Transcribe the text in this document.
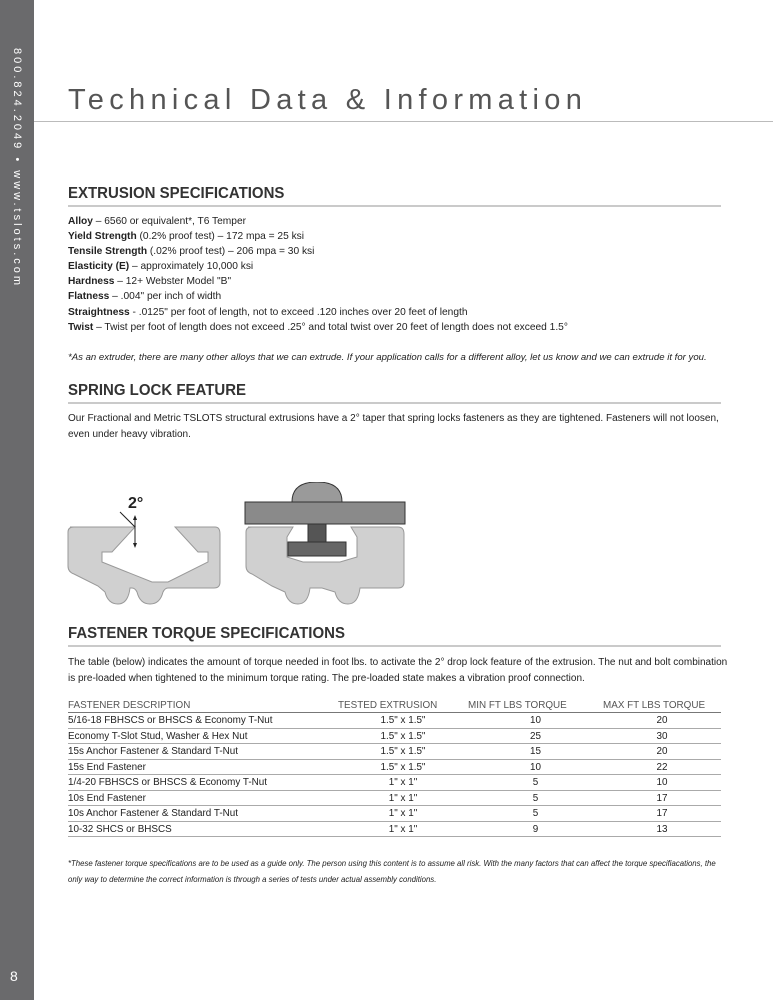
800.824.2049 • www.tslots.com
8
Technical Data & Information
EXTRUSION SPECIFICATIONS
Alloy – 6560 or equivalent*, T6 Temper
Yield Strength (0.2% proof test) – 172 mpa = 25 ksi
Tensile Strength (.02% proof test) – 206 mpa = 30 ksi
Elasticity (E) – approximately 10,000 ksi
Hardness – 12+ Webster Model "B"
Flatness – .004" per inch of width
Straightness - .0125" per foot of length, not to exceed .120 inches over 20 feet of length
Twist – Twist per foot of length does not exceed .25° and total twist over 20 feet of length does not exceed 1.5°
*As an extruder, there are many other alloys that we can extrude. If your application calls for a different alloy, let us know and we can extrude it for you.
SPRING LOCK FEATURE
Our Fractional and Metric TSLOTS structural extrusions have a 2° taper that spring locks fasteners as they are tightened. Fasteners will not loosen, even under heavy vibration.
2°
FASTENER TORQUE SPECIFICATIONS
The table (below) indicates the amount of torque needed in foot lbs. to activate the 2° drop lock feature of the extrusion. The nut and bolt combination is pre-loaded when tightened to the minimum torque rating. The pre-loaded state makes a vibration proof connection.
FASTENER DESCRIPTION	TESTED EXTRUSION	MIN FT LBS TORQUE	MAX FT LBS TORQUE
5/16-18 FBHSCS or BHSCS & Economy T-Nut	1.5" x 1.5"	10	20
Economy T-Slot Stud, Washer & Hex Nut	1.5" x 1.5"	25	30
15s Anchor Fastener & Standard T-Nut	1.5" x 1.5"	15	20
15s End Fastener	1.5" x 1.5"	10	22
1/4-20 FBHSCS or BHSCS & Economy T-Nut	1" x 1"	5	10
10s End Fastener	1" x 1"	5	17
10s Anchor Fastener & Standard T-Nut	1" x 1"	5	17
10-32 SHCS or BHSCS	1" x 1"	9	13
*These fastener torque specifications are to be used as a guide only. The person using this content is to assume all risk. With the many factors that can affect the torque specifiacations, the only way to determine the correct information is through a series of tests under actual assembly conditions.
